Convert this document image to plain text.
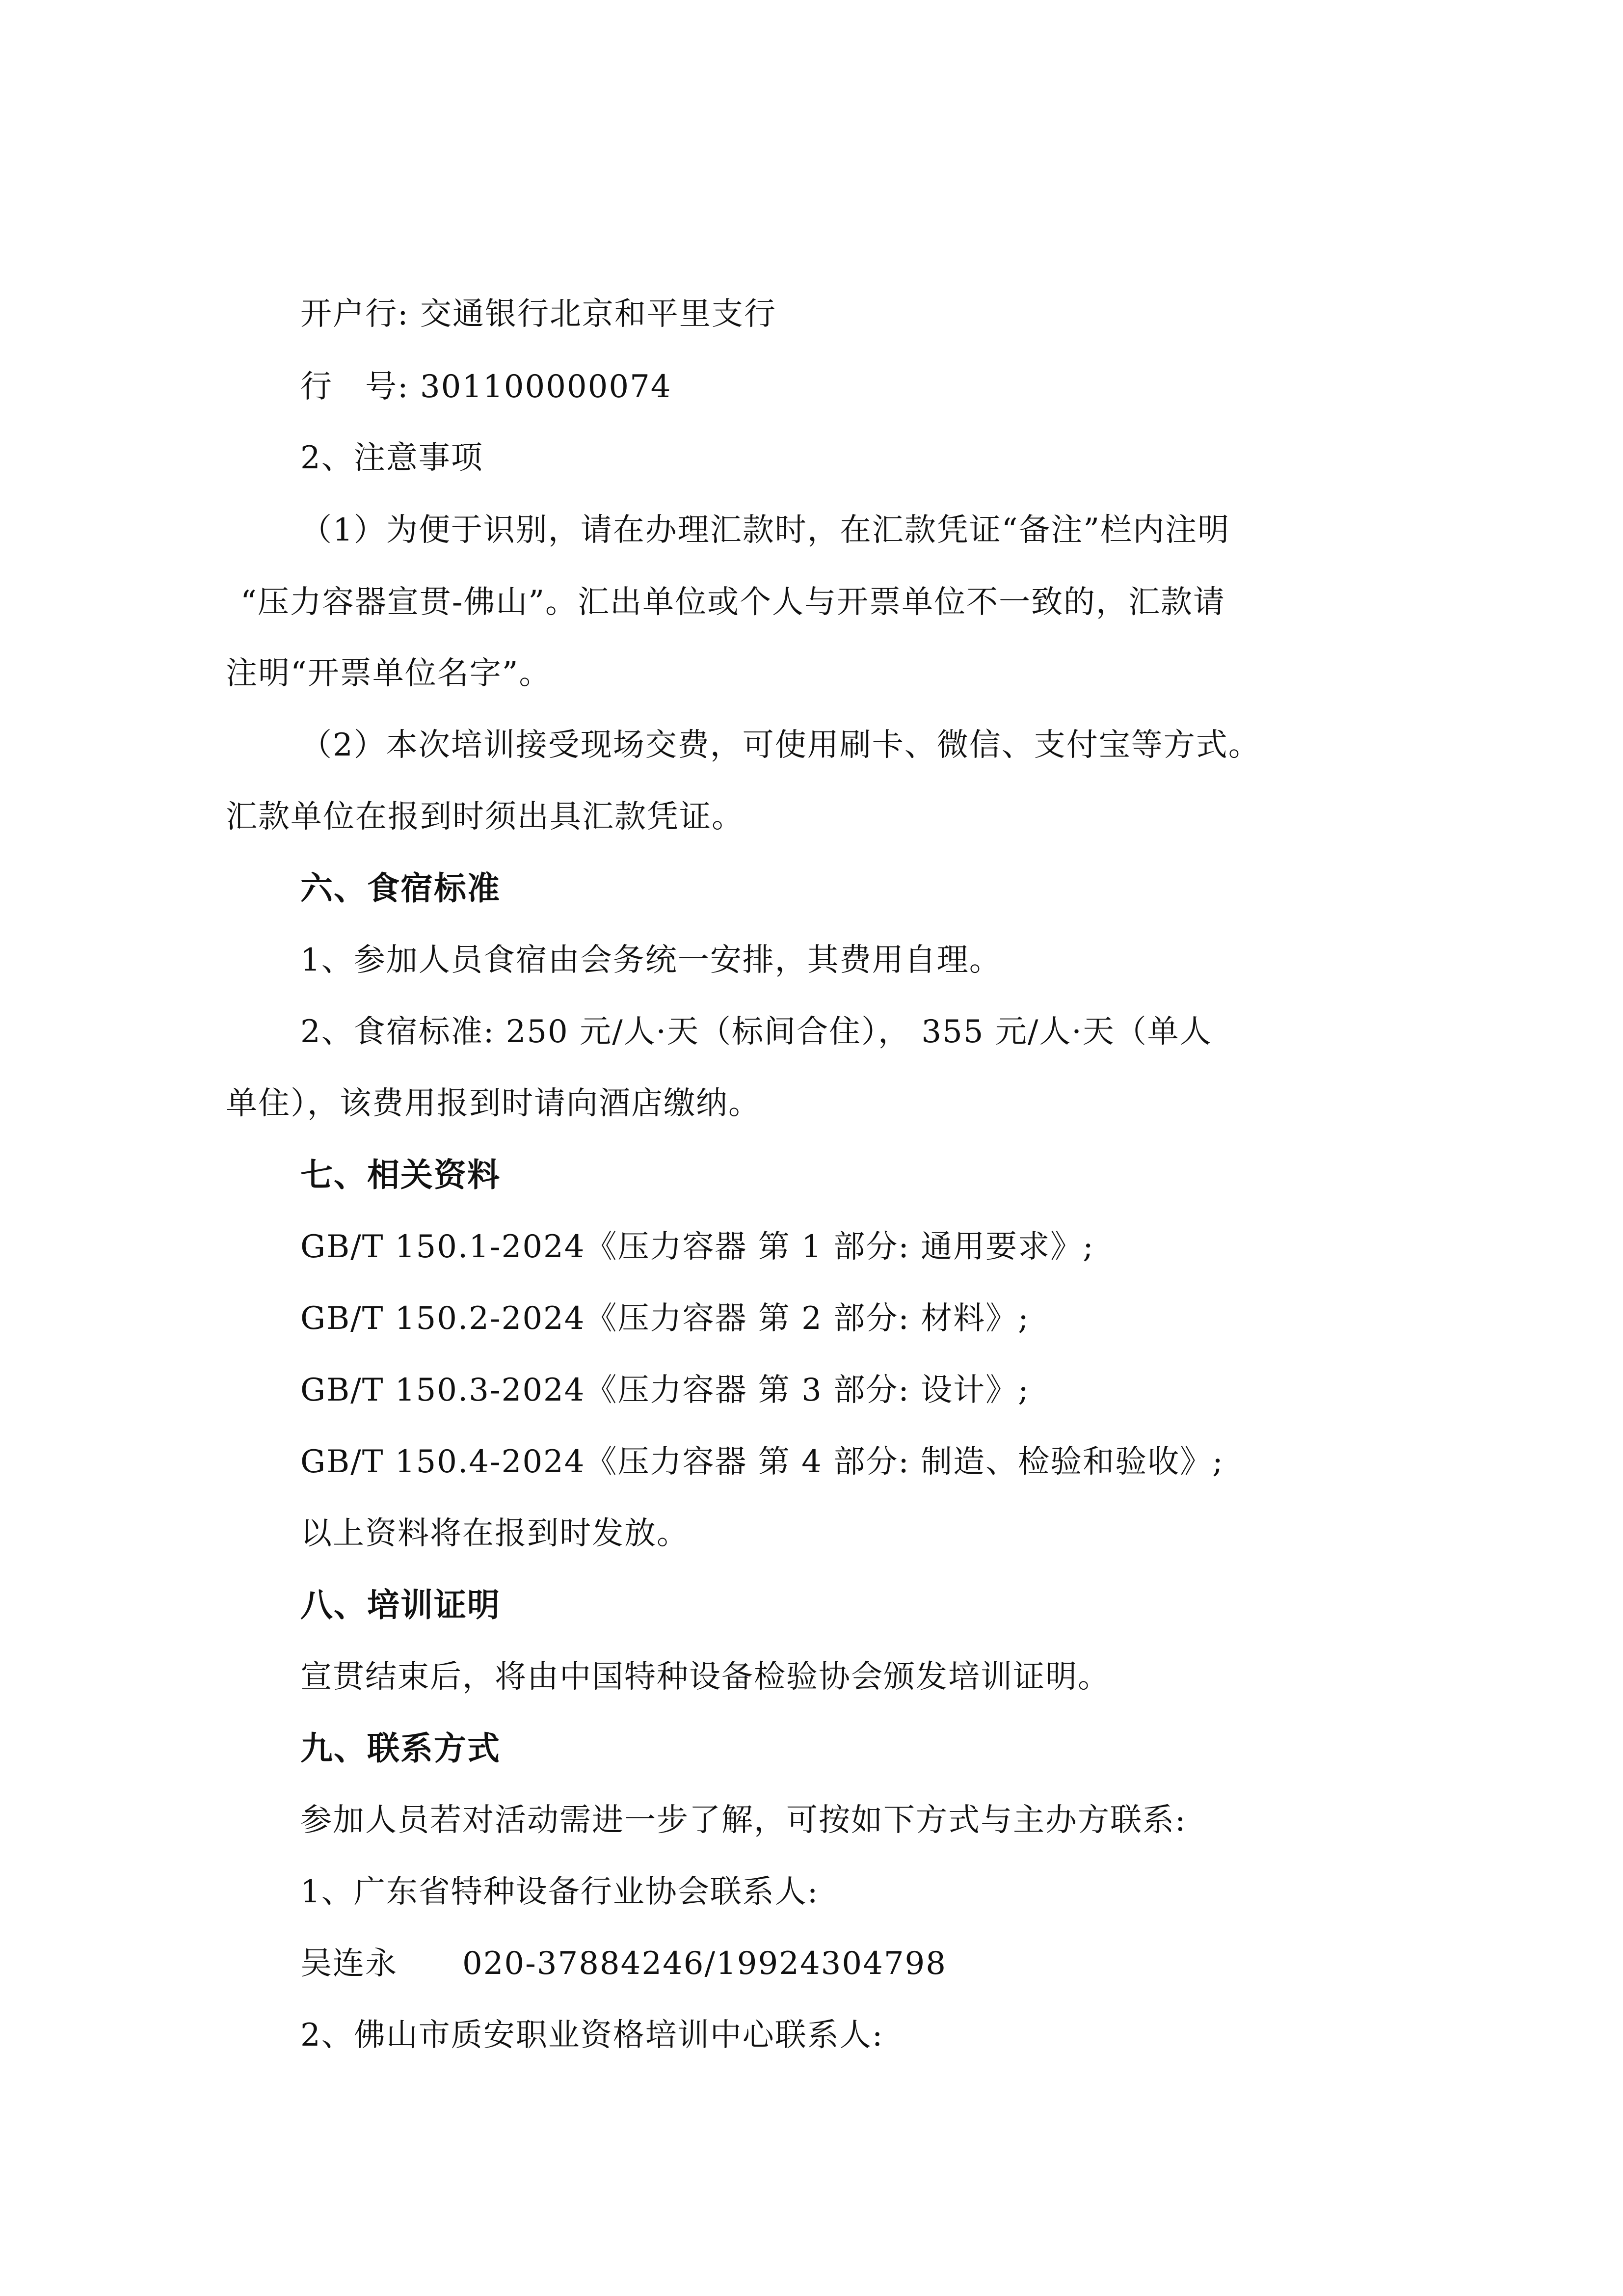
开户行: 交通银行北京和平里支行
行　号: 301100000074
2、注意事项
（1）为便于识别，请在办理汇款时，在汇款凭证“备注”栏内注明
“压力容器宣贯-佛山”。汇出单位或个人与开票单位不一致的，汇款请
注明“开票单位名字”。
（2）本次培训接受现场交费，可使用刷卡、微信、支付宝等方式。
汇款单位在报到时须出具汇款凭证。
六、食宿标准
1、参加人员食宿由会务统一安排，其费用自理。
2、食宿标准: 250 元/人·天（标间合住）， 355 元/人·天（单人
单住），该费用报到时请向酒店缴纳。
七、相关资料
GB/T 150.1-2024《压力容器 第 1 部分: 通用要求》;
GB/T 150.2-2024《压力容器 第 2 部分: 材料》;
GB/T 150.3-2024《压力容器 第 3 部分: 设计》;
GB/T 150.4-2024《压力容器 第 4 部分: 制造、检验和验收》;
以上资料将在报到时发放。
八、培训证明
宣贯结束后，将由中国特种设备检验协会颁发培训证明。
九、联系方式
参加人员若对活动需进一步了解，可按如下方式与主办方联系:
1、广东省特种设备行业协会联系人:
吴连永　　020-37884246/19924304798
2、佛山市质安职业资格培训中心联系人:
